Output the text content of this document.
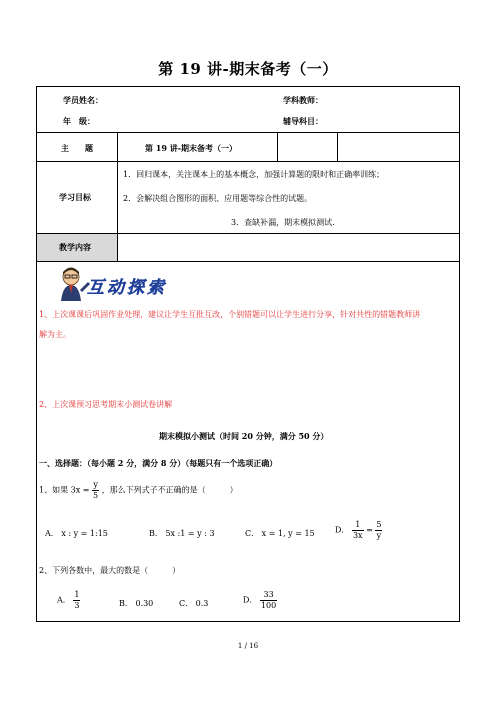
第 19 讲-期末备考（一）
学员姓名：	学科教师：
年　级：	辅导科目：
主　　题	第 19 讲-期末备考（一）
学习目标
1．回归课本，关注课本上的基本概念，加强计算题的限时和正确率训练；
2．会解决组合图形的面积、应用题等综合性的试题。
3．查缺补漏，期末模拟测试.
教学内容
互动探索
1、上次课课后巩固作业处理，建议让学生互批互改，个别错题可以让学生进行分享，针对共性的错题教师讲
解为主。
2、上次课预习思考期末小测试卷讲解
期末模拟小测试（时间 20 分钟，满分 50 分）
一、选择题：（每小题 2 分，满分 8 分）（每题只有一个选项正确）
1、如果 $3x = \frac{y}{5}$ ，那么下列式子不正确的是（　　　）
A． x : y = 1:15	B． 5x :1 = y : 3	C． x = 1, y = 15	D． $\frac{1}{3x} = \frac{5}{y}$
2、下列各数中，最大的数是（　　　）
A． $\frac{1}{3}$	B． 0.30	C． 0.3	D． $\frac{33}{100}$
1 / 16
